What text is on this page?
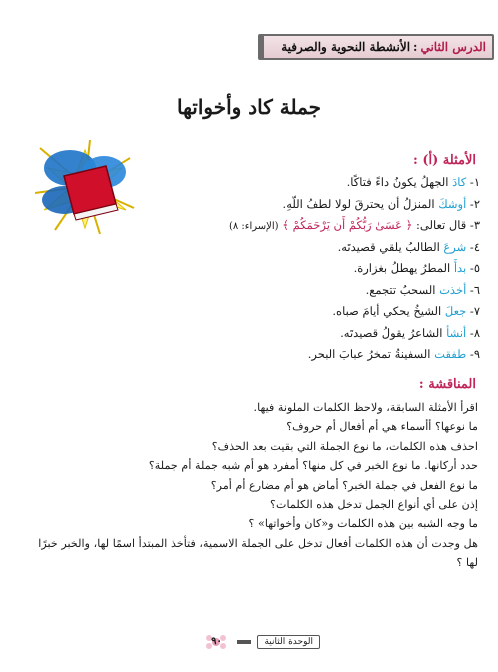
الدرس الثاني
:
الأنشطة النحوية والصرفية
جملة كاد وأخواتها
الأمثلة (أ) :
١- كادَ الجهلُ يكونُ داءً فتاكًا.
٢- أوشكَ المنزلُ أن يحترقَ لولا لطفُ اللّهِ.
٣- قال تعالى: ﴿ عَسَىٰ رَبُّكُمْ أَن يَرْحَمَكُمْ ﴾ (الإسراء: ٨)
٤- شرعَ الطالبُ يلقي قصيدتَه.
٥- بدأَ المطرُ يهطلُ بغزارة.
٦- أخذت السحبُ تتجمع.
٧- جعلَ الشيخُ يحكي أيامَ صباه.
٨- أنشأ الشاعرُ يقولُ قصيدتَه.
٩- طفقت السفينةُ تمخرُ عبابَ البحر.
المناقشة :
اقرأ الأمثلة السابقة، ولاحظ الكلمات الملونة فيها.
ما نوعها؟ أأسماء هي أم أفعال أم حروف؟
احذف هذه الكلمات، ما نوع الجملة التي بقيت بعد الحذف؟
حدد أركانها. ما نوع الخبر في كل منها؟ أمفرد هو أم شبه جملة أم جملة؟
ما نوع الفعل في جملة الخبر؟ أماض هو أم مضارع أم أمر؟
إذن على أي أنواع الجمل تدخل هذه الكلمات؟
ما وجه الشبه بين هذه الكلمات و«كان وأخواتها» ؟
هل وجدت أن هذه الكلمات أفعال تدخل على الجملة الاسمية، فتأخذ المبتدأ اسمًا لها، والخبر خبرًا لها ؟
الوحدة الثانية
٩٠
